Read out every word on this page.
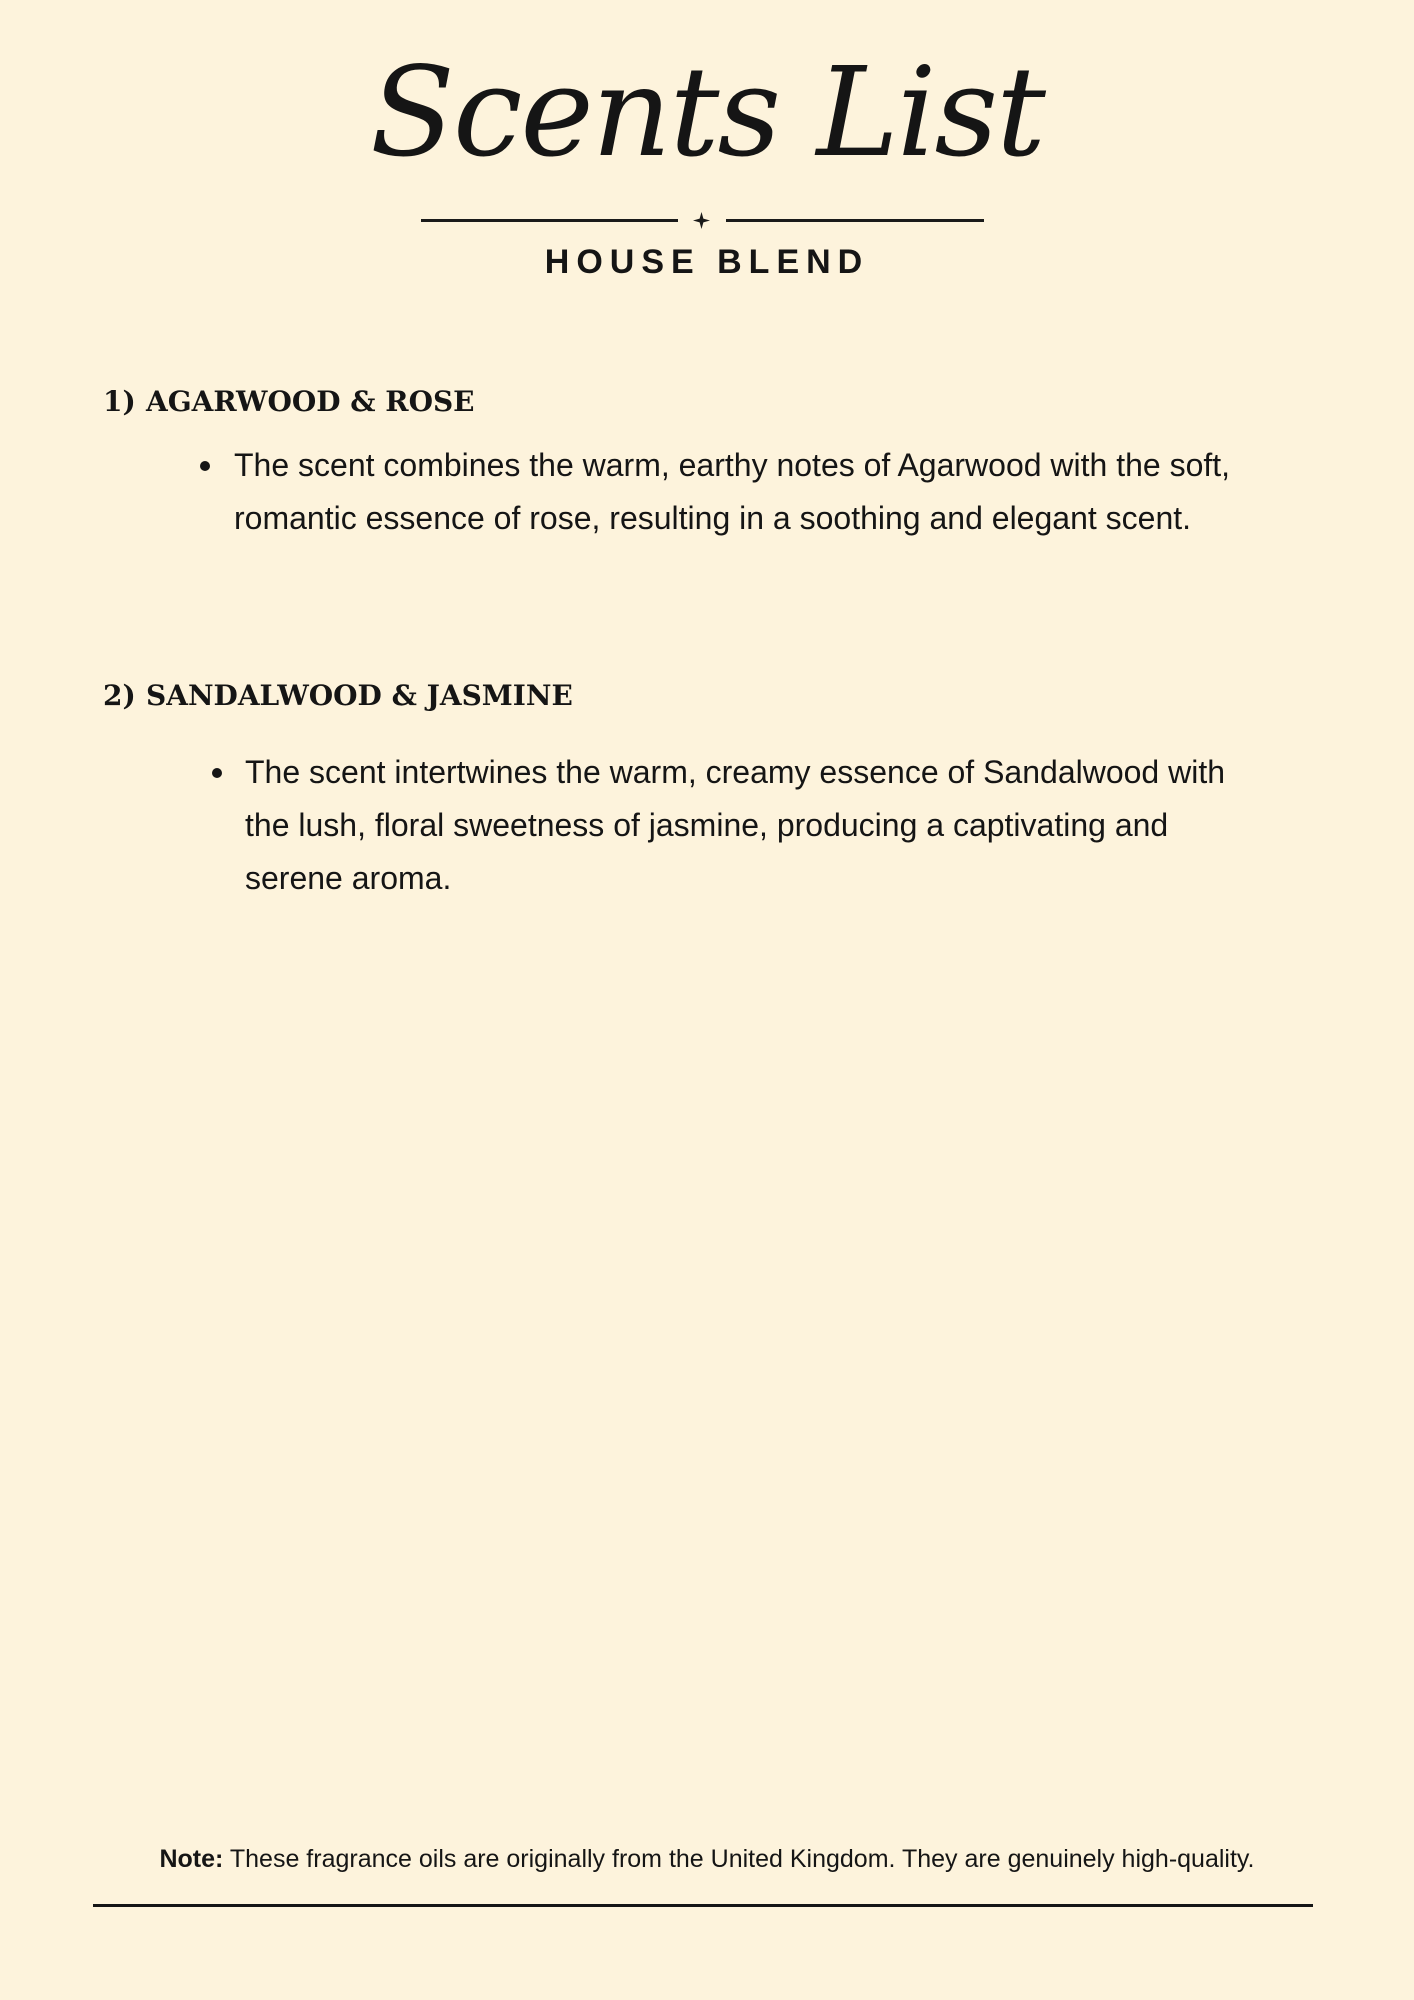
Scents List
HOUSE BLEND
1) AGARWOOD & ROSE
The scent combines the warm, earthy notes of Agarwood with the soft, romantic essence of rose, resulting in a soothing and elegant scent.
2) SANDALWOOD & JASMINE
The scent intertwines the warm, creamy essence of Sandalwood with the lush, floral sweetness of jasmine, producing a captivating and serene aroma.
Note: These fragrance oils are originally from the United Kingdom. They are genuinely high-quality.
